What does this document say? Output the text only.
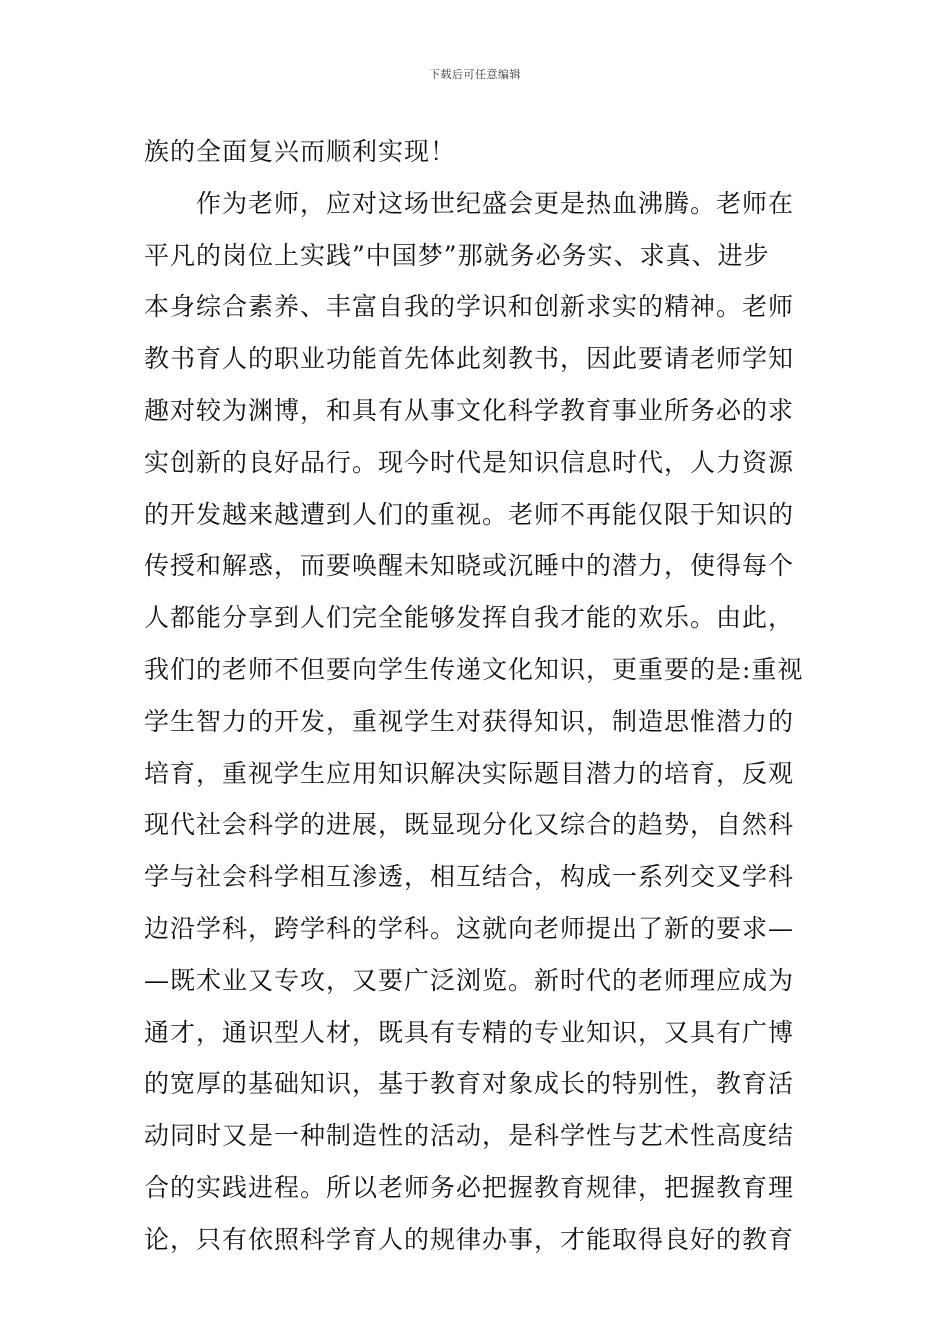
下载后可任意编辑
族的全面复兴而顺利实现！
　　作为老师，应对这场世纪盛会更是热血沸腾。老师在
平凡的岗位上实践”中国梦”那就务必务实、求真、进步
本身综合素养、丰富自我的学识和创新求实的精神。老师
教书育人的职业功能首先体此刻教书，因此要请老师学知
趣对较为渊博，和具有从事文化科学教育事业所务必的求
实创新的良好品行。现今时代是知识信息时代，人力资源
的开发越来越遭到人们的重视。老师不再能仅限于知识的
传授和解惑，而要唤醒未知晓或沉睡中的潜力，使得每个
人都能分享到人们完全能够发挥自我才能的欢乐。由此，
我们的老师不但要向学生传递文化知识，更重要的是:重视
学生智力的开发，重视学生对获得知识，制造思惟潜力的
培育，重视学生应用知识解决实际题目潜力的培育，反观
现代社会科学的进展，既显现分化又综合的趋势，自然科
学与社会科学相互渗透，相互结合，构成一系列交叉学科
边沿学科，跨学科的学科。这就向老师提出了新的要求—
—既术业又专攻，又要广泛浏览。新时代的老师理应成为
通才，通识型人材，既具有专精的专业知识，又具有广博
的宽厚的基础知识，基于教育对象成长的特别性，教育活
动同时又是一种制造性的活动，是科学性与艺术性高度结
合的实践进程。所以老师务必把握教育规律，把握教育理
论，只有依照科学育人的规律办事，才能取得良好的教育
